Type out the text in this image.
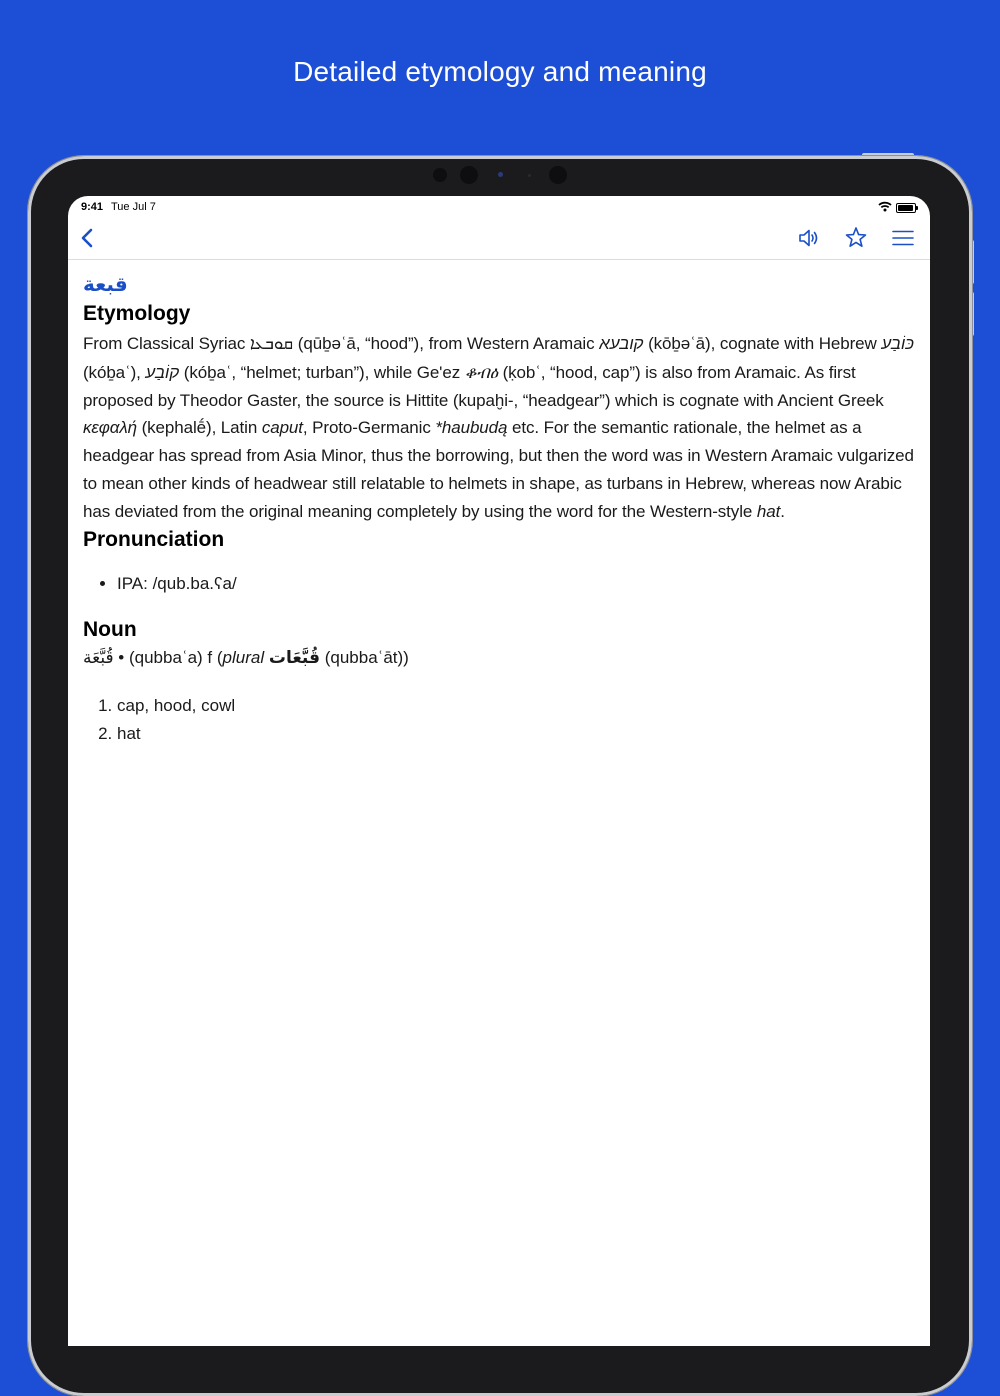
Detailed etymology and meaning
9:41 Tue Jul 7
قبعة
Etymology
From Classical Syriac ܩܘܒܥܐ (qūḇəʿā, “hood”), from Western Aramaic קובעא (kōḇəʿā), cognate with Hebrew כּוֹבַע (kóḇaʿ), קוֹבַע (kóḇaʿ, “helmet; turban”), while Ge'ez ቆብዕ (ḳobʿ, “hood, cap”) is also from Aramaic. As first proposed by Theodor Gaster, the source is Hittite (kupaḫi-, “headgear”) which is cognate with Ancient Greek κεφαλή (kephalḗ), Latin caput, Proto-Germanic *haubudą etc. For the semantic rationale, the helmet as a headgear has spread from Asia Minor, thus the borrowing, but then the word was in Western Aramaic vulgarized to mean other kinds of headwear still relatable to helmets in shape, as turbans in Hebrew, whereas now Arabic has deviated from the original meaning completely by using the word for the Western-style hat.
Pronunciation
• IPA: /qub.ba.ʕa/
Noun
قُبَّعَة • (qubbaʿa) f (plural قُبَّعَات (qubbaʿāt))
1. cap, hood, cowl
2. hat
